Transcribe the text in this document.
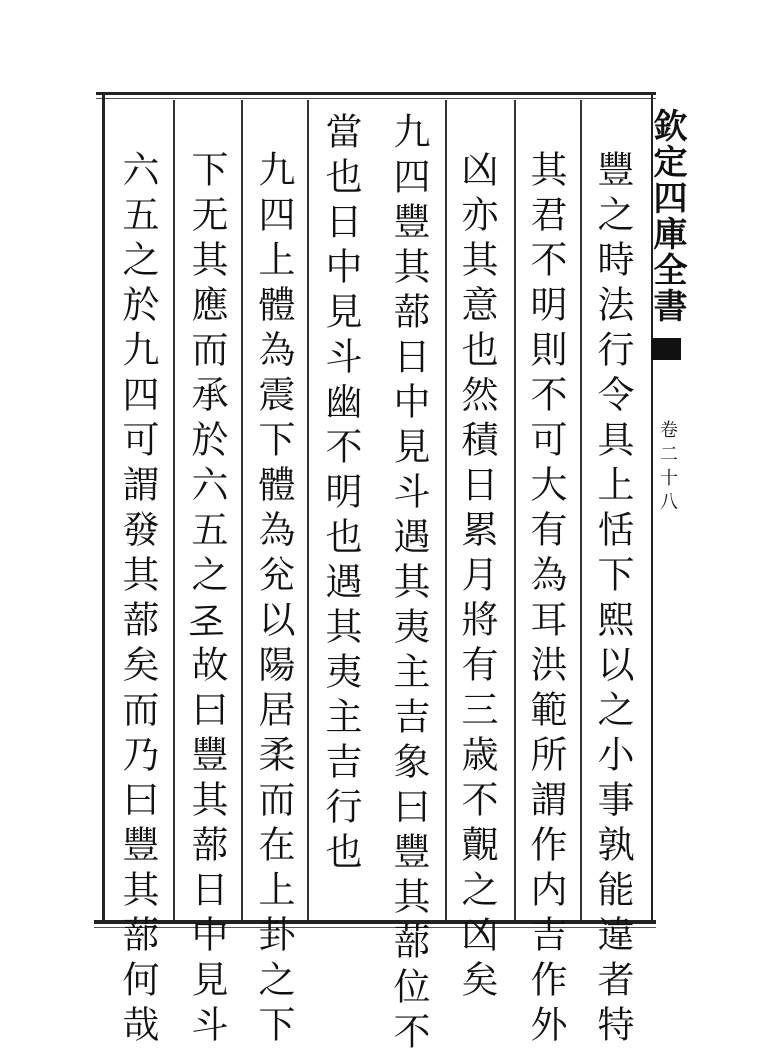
欽定四庫全書
卷二十八
豐之時法行令具上恬下熙以之小事孰能違者特
其君不明則不可大有為耳洪範所謂作内吉作外
凶亦其意也然積日累月將有三歳不覿之凶矣
九四豐其蔀日中見斗遇其夷主吉象曰豐其蔀位不
當也日中見斗幽不明也遇其夷主吉行也
九四上體為震下體為兊以陽居柔而在上卦之下
下无其應而承於六五之𢀖故曰豐其蔀日中見斗
六五之於九四可謂發其蔀矣而乃曰豐其蔀何哉
